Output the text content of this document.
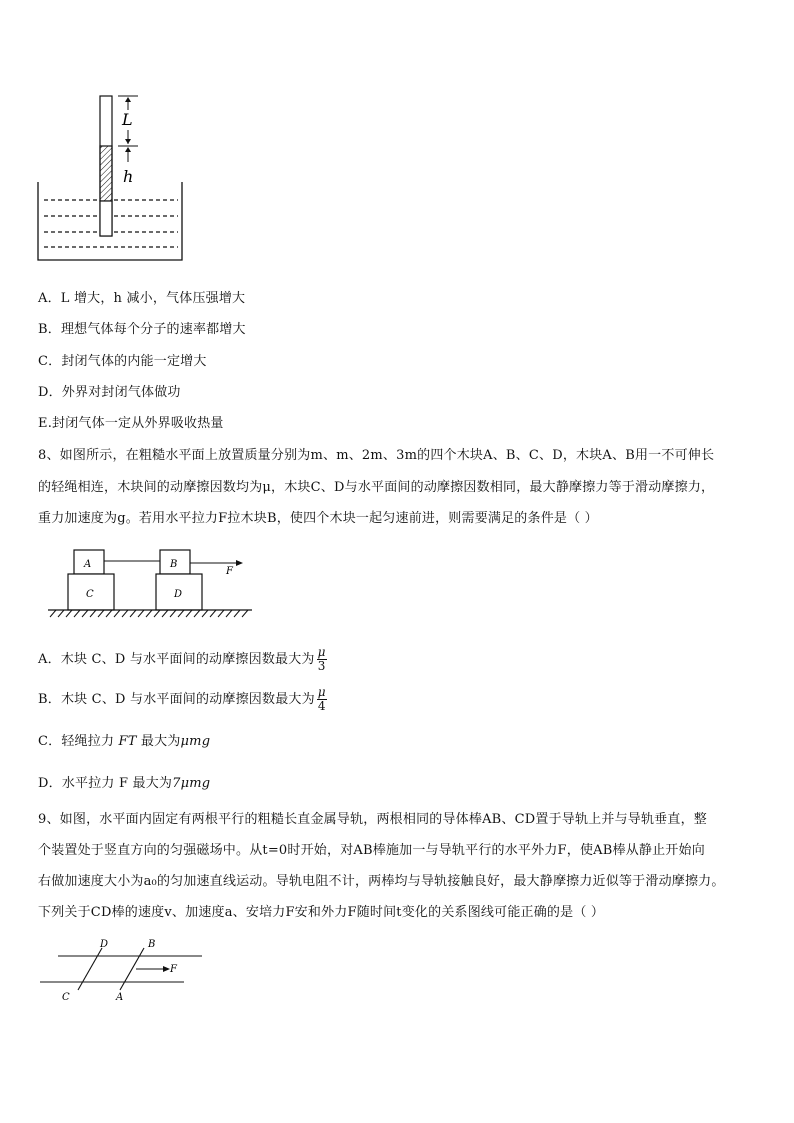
L
h
A．L 增大，h 减小，气体压强增大
B．理想气体每个分子的速率都增大
C．封闭气体的内能一定增大
D．外界对封闭气体做功
E.封闭气体一定从外界吸收热量
8、如图所示，在粗糙水平面上放置质量分别为m、m、2m、3m的四个木块A、B、C、D，木块A、B用一不可伸长
的轻绳相连，木块间的动摩擦因数均为μ，木块C、D与水平面间的动摩擦因数相同，最大静摩擦力等于滑动摩擦力，
重力加速度为g。若用水平拉力F拉木块B，使四个木块一起匀速前进，则需要满足的条件是（ ）
A	B
F
C	D
A．木块 C、D 与水平面间的动摩擦因数最大为 $\frac{\mu}{3}$
B．木块 C、D 与水平面间的动摩擦因数最大为 $\frac{\mu}{4}$
C．轻绳拉力 FT 最大为μmg
D．水平拉力 F 最大为7μmg
9、如图，水平面内固定有两根平行的粗糙长直金属导轨，两根相同的导体棒AB、CD置于导轨上并与导轨垂直，整
个装置处于竖直方向的匀强磁场中。从t=0时开始，对AB棒施加一与导轨平行的水平外力F，使AB棒从静止开始向
右做加速度大小为a₀的匀加速直线运动。导轨电阻不计，两棒均与导轨接触良好，最大静摩擦力近似等于滑动摩擦力。
下列关于CD棒的速度v、加速度a、安培力F安和外力F随时间t变化的关系图线可能正确的是（ ）
D	B
C	A
F
